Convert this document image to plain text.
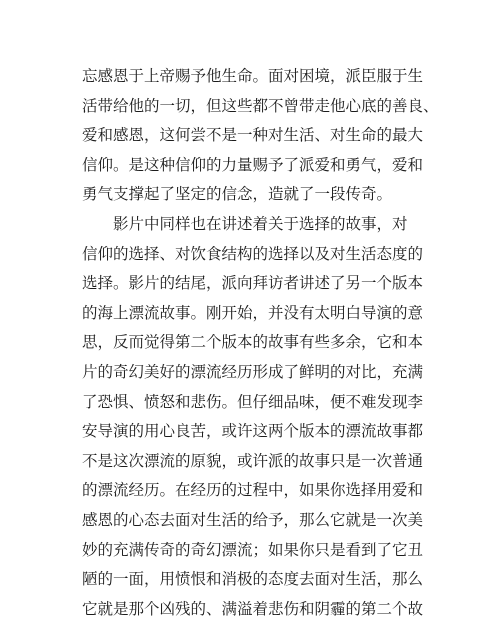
忘感恩于上帝赐予他生命。面对困境，派臣服于生
活带给他的一切，但这些都不曾带走他心底的善良、
爱和感恩，这何尝不是一种对生活、对生命的最大
信仰。是这种信仰的力量赐予了派爱和勇气，爱和
勇气支撑起了坚定的信念，造就了一段传奇。
影片中同样也在讲述着关于选择的故事，对
信仰的选择、对饮食结构的选择以及对生活态度的
选择。影片的结尾，派向拜访者讲述了另一个版本
的海上漂流故事。刚开始，并没有太明白导演的意
思，反而觉得第二个版本的故事有些多余，它和本
片的奇幻美好的漂流经历形成了鲜明的对比，充满
了恐惧、愤怒和悲伤。但仔细品味，便不难发现李
安导演的用心良苦，或许这两个版本的漂流故事都
不是这次漂流的原貌，或许派的故事只是一次普通
的漂流经历。在经历的过程中，如果你选择用爱和
感恩的心态去面对生活的给予，那么它就是一次美
妙的充满传奇的奇幻漂流；如果你只是看到了它丑
陋的一面，用愤恨和消极的态度去面对生活，那么
它就是那个凶残的、满溢着悲伤和阴霾的第二个故
